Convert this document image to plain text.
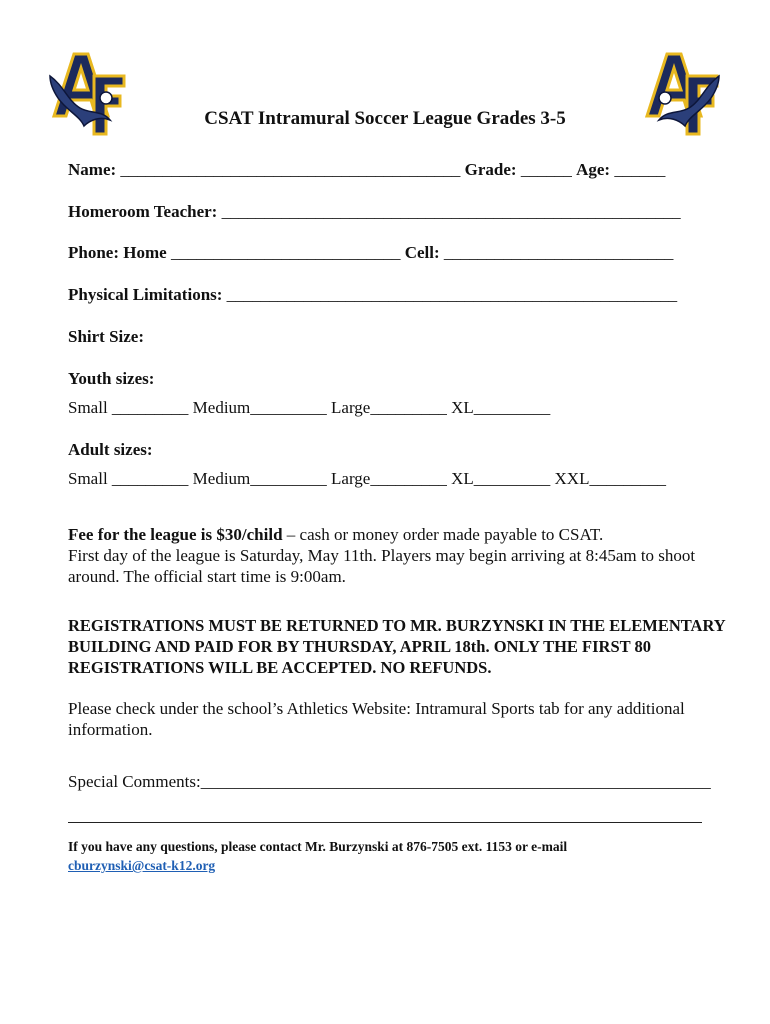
CSAT Intramural Soccer League Grades 3-5
Name: ________________________________________ Grade: ______ Age: ______
Homeroom Teacher: ______________________________________________________
Phone: Home ___________________________ Cell: ___________________________
Physical Limitations: _____________________________________________________
Shirt Size:
Youth sizes:
Small _________ Medium_________ Large_________ XL_________
Adult sizes:
Small _________ Medium_________ Large_________ XL_________ XXL_________
Fee for the league is $30/child – cash or money order made payable to CSAT.
First day of the league is Saturday, May 11th. Players may begin arriving at 8:45am to shoot around. The official start time is 9:00am.
REGISTRATIONS MUST BE RETURNED TO MR. BURZYNSKI IN THE ELEMENTARY BUILDING AND PAID FOR BY THURSDAY, APRIL 18th. ONLY THE FIRST 80 REGISTRATIONS WILL BE ACCEPTED. NO REFUNDS.
Please check under the school’s Athletics Website: Intramural Sports tab for any additional information.
Special Comments:____________________________________________________________
If you have any questions, please contact Mr. Burzynski at 876-7505 ext. 1153 or e-mail
cburzynski@csat-k12.org
